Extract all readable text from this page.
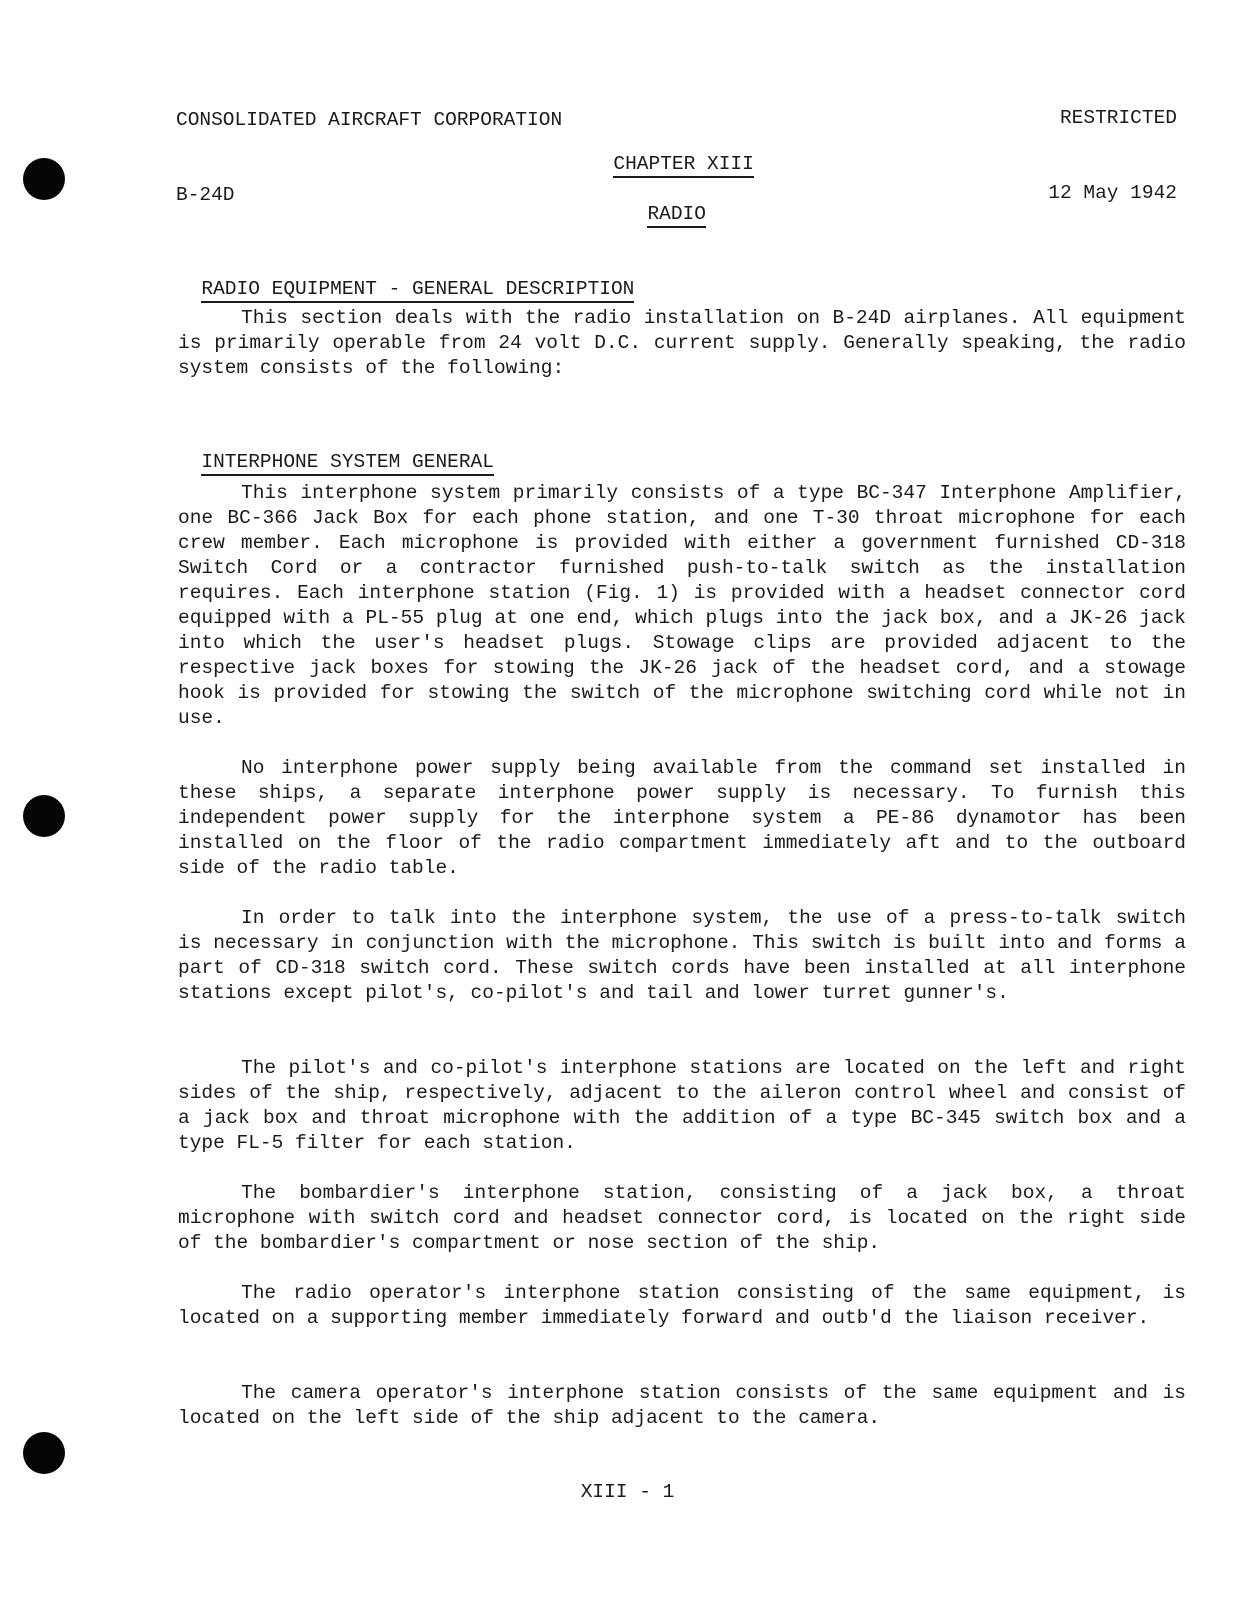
CONSOLIDATED AIRCRAFT CORPORATION

B-24D

RESTRICTED

12 May 1942

CHAPTER XIII

RADIO

RADIO EQUIPMENT - GENERAL DESCRIPTION

This section deals with the radio installation on B-24D airplanes. All equipment is primarily operable from 24 volt D.C. current supply. Generally speaking, the radio system consists of the following:

INTERPHONE SYSTEM GENERAL

This interphone system primarily consists of a type BC-347 Interphone Amplifier, one BC-366 Jack Box for each phone station, and one T-30 throat microphone for each crew member. Each microphone is provided with either a government furnished CD-318 Switch Cord or a contractor furnished push-to-talk switch as the installation requires. Each interphone station (Fig. 1) is provided with a headset connector cord equipped with a PL-55 plug at one end, which plugs into the jack box, and a JK-26 jack into which the user's headset plugs. Stowage clips are provided adjacent to the respective jack boxes for stowing the JK-26 jack of the headset cord, and a stowage hook is provided for stowing the switch of the microphone switching cord while not in use.
No interphone power supply being available from the command set installed in these ships, a separate interphone power supply is necessary. To furnish this independent power supply for the interphone system a PE-86 dynamotor has been installed on the floor of the radio compartment immediately aft and to the outboard side of the radio table.
In order to talk into the interphone system, the use of a press-to-talk switch is necessary in conjunction with the microphone. This switch is built into and forms a part of CD-318 switch cord. These switch cords have been installed at all interphone stations except pilot's, co-pilot's and tail and lower turret gunner's.
The pilot's and co-pilot's interphone stations are located on the left and right sides of the ship, respectively, adjacent to the aileron control wheel and consist of a jack box and throat microphone with the addition of a type BC-345 switch box and a type FL-5 filter for each station.
The bombardier's interphone station, consisting of a jack box, a throat microphone with switch cord and headset connector cord, is located on the right side of the bombardier's compartment or nose section of the ship.
The radio operator's interphone station consisting of the same equipment, is located on a supporting member immediately forward and outb'd the liaison receiver.
The camera operator's interphone station consists of the same equipment and is located on the left side of the ship adjacent to the camera.
XIII - 1
